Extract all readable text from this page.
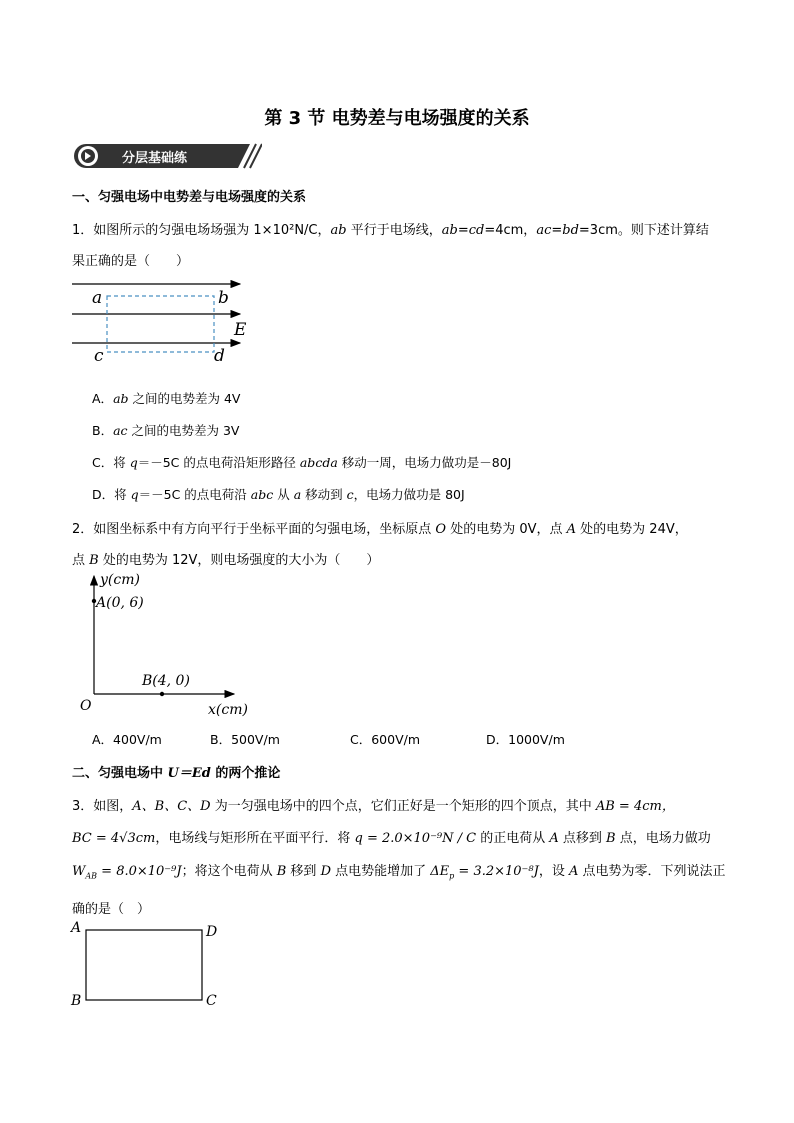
第 3 节 电势差与电场强度的关系
分层基础练
一、匀强电场中电势差与电场强度的关系
1．如图所示的匀强电场场强为 1×10²N/C，ab 平行于电场线，ab=cd=4cm，ac=bd=3cm。则下述计算结
果正确的是（　　）
a	b
E
c	d
A．ab 之间的电势差为 4V
B．ac 之间的电势差为 3V
C．将 q＝－5C 的点电荷沿矩形路径 abcda 移动一周，电场力做功是－80J
D．将 q＝－5C 的点电荷沿 abc 从 a 移动到 c，电场力做功是 80J
2．如图坐标系中有方向平行于坐标平面的匀强电场，坐标原点 O 处的电势为 0V，点 A 处的电势为 24V，
点 B 处的电势为 12V，则电场强度的大小为（　　）
y(cm)
A(0, 6)
B(4, 0)
O	x(cm)
A．400V/m	B．500V/m	C．600V/m	D．1000V/m
二、匀强电场中 U＝Ed 的两个推论
3．如图，A、B、C、D 为一匀强电场中的四个点，它们正好是一个矩形的四个顶点，其中 AB = 4cm，
BC = 4√3cm，电场线与矩形所在平面平行．将 q = 2.0×10⁻⁹N / C 的正电荷从 A 点移到 B 点，电场力做功
$W_{AB} = 8.0\times 10^{-9}J$；将这个电荷从 B 移到 D 点电势能增加了 $\Delta E_p = 3.2\times 10^{-8}J$，设 A 点电势为零．下列说法正
确的是（　）
A	D
B	C
